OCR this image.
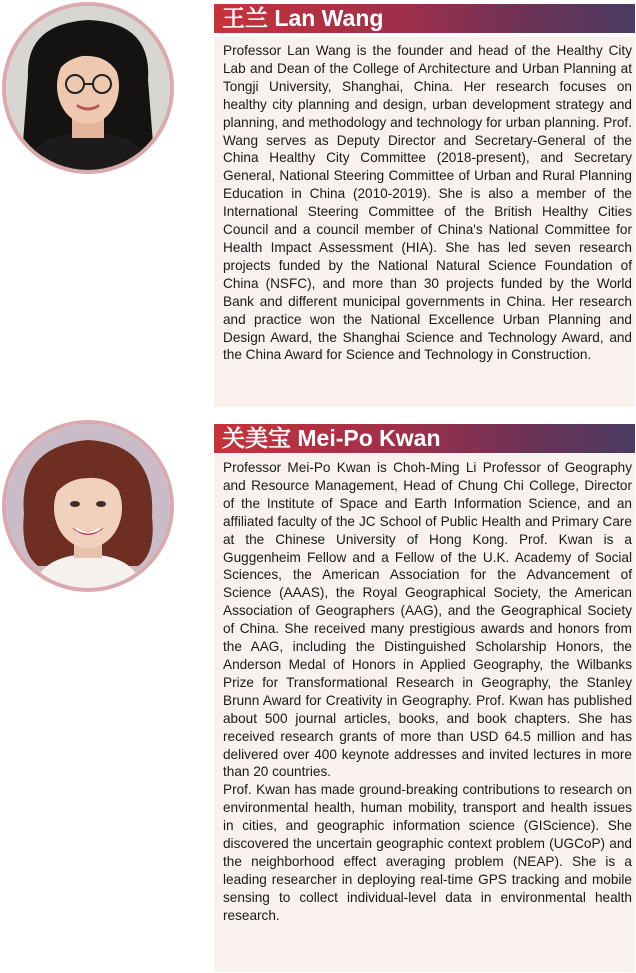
王兰 Lan Wang

Professor Lan Wang is the founder and head of the Healthy City Lab and Dean of the College of Architecture and Urban Planning at Tongji University, Shanghai, China. Her research focuses on healthy city planning and design, urban development strategy and planning, and methodology and technology for urban planning. Prof. Wang serves as Deputy Director and Secretary-General of the China Healthy City Committee (2018-present), and Secretary General, National Steering Committee of Urban and Rural Planning Education in China (2010-2019). She is also a member of the International Steering Committee of the British Healthy Cities Council and a council member of China's National Committee for Health Impact Assessment (HIA). She has led seven research projects funded by the National Natural Science Foundation of China (NSFC), and more than 30 projects funded by the World Bank and different municipal governments in China. Her research and practice won the National Excellence Urban Planning and Design Award, the Shanghai Science and Technology Award, and the China Award for Science and Technology in Construction.

关美宝 Mei-Po Kwan

Professor Mei-Po Kwan is Choh-Ming Li Professor of Geography and Resource Management, Head of Chung Chi College, Director of the Institute of Space and Earth Information Science, and an affiliated faculty of the JC School of Public Health and Primary Care at the Chinese University of Hong Kong. Prof. Kwan is a Guggenheim Fellow and a Fellow of the U.K. Academy of Social Sciences, the American Association for the Advancement of Science (AAAS), the Royal Geographical Society, the American Association of Geographers (AAG), and the Geographical Society of China. She received many prestigious awards and honors from the AAG, including the Distinguished Scholarship Honors, the Anderson Medal of Honors in Applied Geography, the Wilbanks Prize for Transformational Research in Geography, the Stanley Brunn Award for Creativity in Geography. Prof. Kwan has published about 500 journal articles, books, and book chapters. She has received research grants of more than USD 64.5 million and has delivered over 400 keynote addresses and invited lectures in more than 20 countries.

Prof. Kwan has made ground-breaking contributions to research on environmental health, human mobility, transport and health issues in cities, and geographic information science (GIScience). She discovered the uncertain geographic context problem (UGCoP) and the neighborhood effect averaging problem (NEAP). She is a leading researcher in deploying real-time GPS tracking and mobile sensing to collect individual-level data in environmental health research.
